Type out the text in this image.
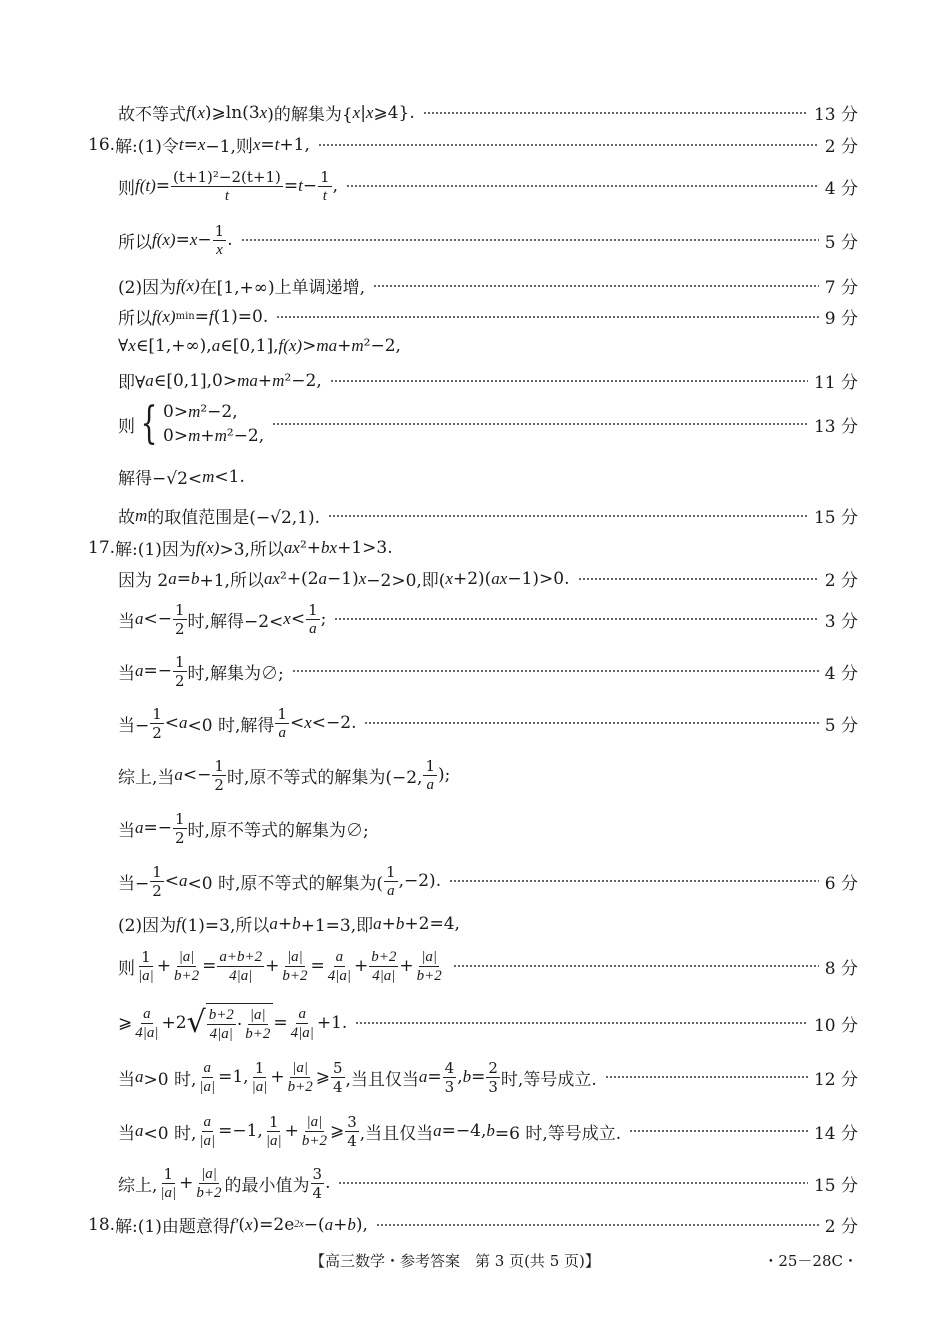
故不等式 f ( x )⩾ln(3 x )的解集为{ x | x ⩾4}.	13 分
16. 解:(1)令 t = x −1,则 x = t +1,	2 分
则 $f(t) = \frac{\text{(t+1)²−2(t+1)}}{t} = t - \frac{1}{t}$ ,	4 分
所以 $f(x) = x - \frac{1}{x}$ .	5 分
(2)因为 f(x) 在[1,+∞)上单调递增,	7 分
所以 f(x) min = f (1)=0.	9 分
∀ x ∈[1,+∞), a ∈[0,1], f(x) > ma + m ²−2,
即∀ a ∈[0,1],0> ma + m ²−2,	11 分
则 { 0>m²−2,
0>m+m²−2,	13 分
解得−√2< m <1.
故 m 的取值范围是(−√2,1).	15 分
17. 解:(1)因为 f(x) >3,所以 ax ²+ bx +1>3.
因为 2 a = b +1,所以 ax ²+(2 a −1) x −2>0,即( x +2)( ax −1)>0.	2 分
当 $a <- \frac{1}{2}$ 时,解得$-2< x < \frac{1}{a}$ ;	3 分
当 $a =- \frac{1}{2}$ 时,解集为∅;	4 分
当− $\frac{1}{2} < a <0$ 时,解得 $\frac{1}{a} < x <-2$.	5 分
综上,当 $a <- \frac{1}{2}$ 时,原不等式的解集为(−2, $\frac{1}{a}$ );
当 $a =- \frac{1}{2}$ 时,原不等式的解集为∅;
当− $\frac{1}{2} < a <0$ 时,原不等式的解集为( $\frac{1}{a} ,-2$).	6 分
(2)因为 f (1)=3,所以 a + b +1=3,即 a + b +2=4,
则 $\frac{1}{|a|} + \frac{|a|}{b+2} = \frac{a+b+2}{4|a|} + \frac{|a|}{b+2} = \frac{a}{4|a|} + \frac{b+2}{4|a|} + \frac{|a|}{b+2}$	8 分
⩾ $\frac{a}{4|a|} +2$ √ $\frac{b+2}{4|a|} \cdot \frac{|a|}{b+2} = \frac{a}{4|a|} +1$.	10 分
当 a >0 时, $\frac{a}{|a|} =1$, $\frac{1}{|a|} + \frac{|a|}{b+2}$ ⩾ $\frac{5}{4}$ ,当且仅当 $a = \frac{4}{3}$ , $b = \frac{2}{3}$ 时,等号成立.	12 分
当 a <0 时, $\frac{a}{|a|} =-1$, $\frac{1}{|a|} + \frac{|a|}{b+2}$ ⩾ $\frac{3}{4}$ ,当且仅当 a =−4, b =6 时,等号成立.	14 分
综上, $\frac{1}{|a|} + \frac{|a|}{b+2}$ 的最小值为 $\frac{3}{4}$ .	15 分
18. 解:(1)由题意得 f′ ( x )=2e 2x −( a + b ),	2 分
【高三数学・参考答案　第 3 页(共 5 页)】	・25－28C・
